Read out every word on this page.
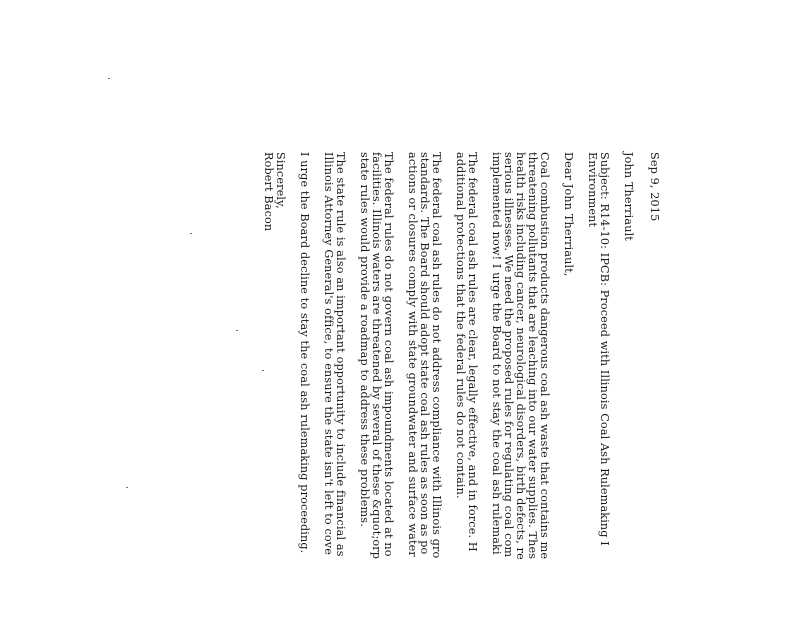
Sep 9, 2015
John Therriault
Subject: R14-10: IPCB: Proceed with Illinois Coal Ash Rulemaking I
Environment
Dear John Therriault,
Coal combustion products dangerous coal ash waste that contains me
threatening pollutants that are leaching into our water supplies. Thes
health risks including cancer, neurological disorders, birth defects, re
serious illnesses. We need the proposed rules for regulating coal com
implemented now! I urge the Board to not stay the coal ash rulemaki
The federal coal ash rules are clear, legally effective, and in force. H
additional protections that the federal rules do not contain.
The federal coal ash rules do not address compliance with Illinois gro
standards. The Board should adopt state coal ash rules as soon as po
actions or closures comply with state groundwater and surface water
The federal rules do not govern coal ash impoundments located at no
facilities. Illinois waters are threatened by several of these &quot;orp
state rules would provide a roadmap to address these problems.
The state rule is also an important opportunity to include financial as
Illinois Attorney General's office, to ensure the state isn't left to cove
I urge the Board decline to stay the coal ash rulemaking proceeding.
Sincerely,
Robert Bacon
